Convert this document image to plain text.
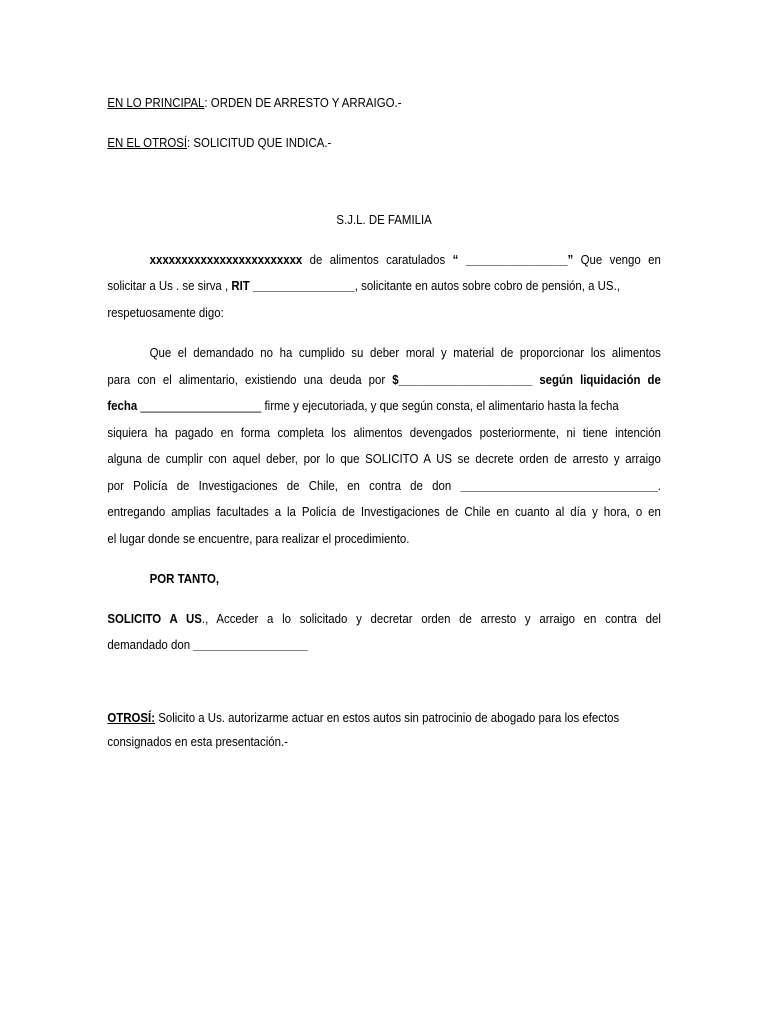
EN LO PRINCIPAL: ORDEN DE ARRESTO Y ARRAIGO.-
EN EL OTROSÍ: SOLICITUD QUE INDICA.-
S.J.L. DE FAMILIA
xxxxxxxxxxxxxxxxxxxxxxxx de alimentos caratulados “ ________________” Que vengo en
solicitar a Us . se sirva , RIT ________________, solicitante en autos sobre cobro de pensión, a US.,
respetuosamente digo:
Que el demandado no ha cumplido su deber moral y material de proporcionar los alimentos
para con el alimentario, existiendo una deuda por $_____________________ según liquidación de
fecha ___________________ firme y ejecutoriada, y que según consta, el alimentario hasta la fecha
siquiera ha pagado en forma completa los alimentos devengados posteriormente, ni tiene intención
alguna de cumplir con aquel deber, por lo que SOLICITO A US se decrete orden de arresto y arraigo
por Policía de Investigaciones de Chile, en contra de don _______________________________.
entregando amplias facultades a la Policía de Investigaciones de Chile en cuanto al día y hora, o en
el lugar donde se encuentre, para realizar el procedimiento.
POR TANTO,
SOLICITO A US., Acceder a lo solicitado y decretar orden de arresto y arraigo en contra del
demandado don __________________
OTROSÍ: Solicito a Us. autorizarme actuar en estos autos sin patrocinio de abogado para los efectos
consignados en esta presentación.-
